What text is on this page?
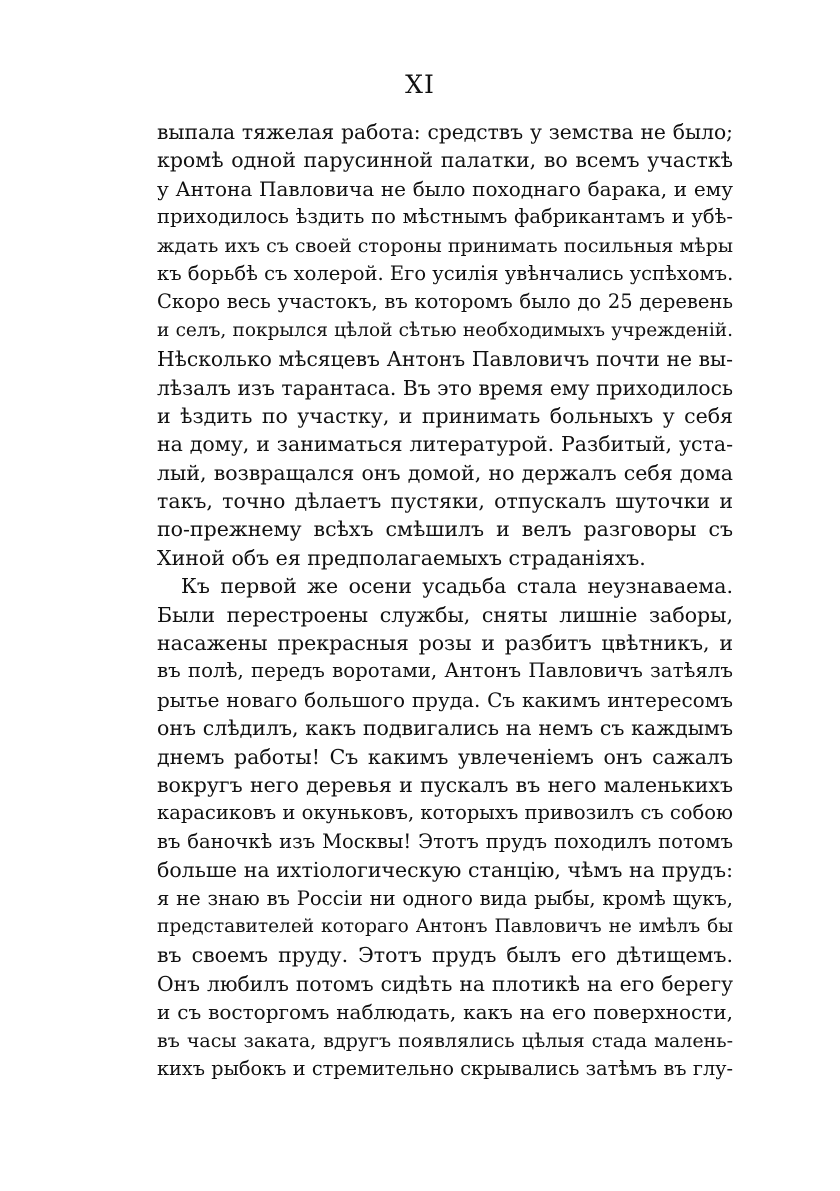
XI
выпала тяжелая работа: средствъ у земства не было;
кромѣ одной парусинной палатки, во всемъ участкѣ
у Антона Павловича не было походнаго барака, и ему
приходилось ѣздить по мѣстнымъ фабрикантамъ и убѣ-
ждать ихъ съ своей стороны принимать посильныя мѣры
къ борьбѣ съ холерой. Его усилія увѣнчались успѣхомъ.
Скоро весь участокъ, въ которомъ было до 25 деревень
и селъ, покрылся цѣлой сѣтью необходимыхъ учрежденій.
Нѣсколько мѣсяцевъ Антонъ Павловичъ почти не вы-
лѣзалъ изъ тарантаса. Въ это время ему приходилось
и ѣздить по участку, и принимать больныхъ у себя
на дому, и заниматься литературой. Разбитый, уста-
лый, возвращался онъ домой, но держалъ себя дома
такъ, точно дѣлаетъ пустяки, отпускалъ шуточки и
по-прежнему всѣхъ смѣшилъ и велъ разговоры съ
Хиной объ ея предполагаемыхъ страданіяхъ.
Къ первой же осени усадьба стала неузнаваема.
Были перестроены службы, сняты лишніе заборы,
насажены прекрасныя розы и разбитъ цвѣтникъ, и
въ полѣ, передъ воротами, Антонъ Павловичъ затѣялъ
рытье новаго большого пруда. Съ какимъ интересомъ
онъ слѣдилъ, какъ подвигались на немъ съ каждымъ
днемъ работы! Съ какимъ увлеченіемъ онъ сажалъ
вокругъ него деревья и пускалъ въ него маленькихъ
карасиковъ и окуньковъ, которыхъ привозилъ съ собою
въ баночкѣ изъ Москвы! Этотъ прудъ походилъ потомъ
больше на ихтіологическую станцію, чѣмъ на прудъ:
я не знаю въ Россіи ни одного вида рыбы, кромѣ щукъ,
представителей котораго Антонъ Павловичъ не имѣлъ бы
въ своемъ пруду. Этотъ прудъ былъ его дѣтищемъ.
Онъ любилъ потомъ сидѣть на плотикѣ на его берегу
и съ восторгомъ наблюдать, какъ на его поверхности,
въ часы заката, вдругъ появлялись цѣлыя стада малень-
кихъ рыбокъ и стремительно скрывались затѣмъ въ глу-
